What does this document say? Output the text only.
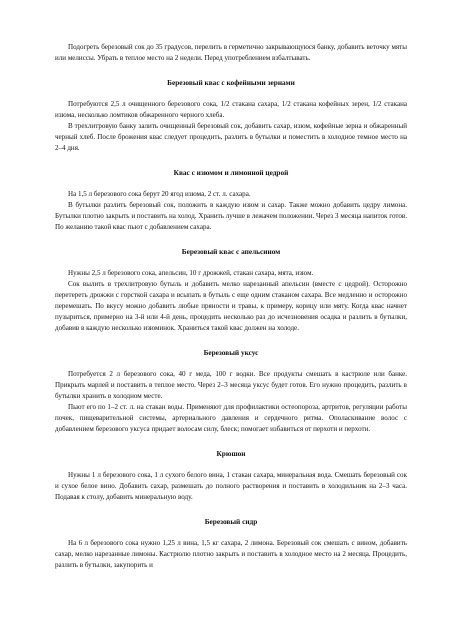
Подогреть березовый сок до 35 градусов, перелить в герметично закрывающуюся банку, добавить веточку мяты или мелиссы. Убрать в теплое место на 2 недели. Перед употреблением взбалтывать.

Березовый квас с кофейными зернами

Потребуются 2,5 л очищенного березового сока, 1/2 стакана сахара, 1/2 стакана кофейных зерен, 1/2 стакана изюма, несколько ломтиков обжаренного черного хлеба.

В трехлитровую банку залить очищенный березовый сок, добавить сахар, изюм, кофейные зерна и обжаренный черный хлеб. После брожения квас следует процедить, разлить в бутылки и поместить в холодное темное место на 2–4 дня.

Квас с изюмом и лимонной цедрой

На 1,5 л березового сока берут 20 ягод изюма, 2 ст. л. сахара.

В бутылки разлить березовый сок, положить в каждую изюм и сахар. Также можно добавить цедру лимона. Бутылки плотно закрыть и поставить на холод. Хранить лучше в лежачем положении. Через 3 месяца напиток готов. По желанию такой квас пьют с добавлением сахара.

Березовый квас с апельсином

Нужны 2,5 л березового сока, апельсин, 10 г дрожжей, стакан сахара, мята, изюм.

Сок вылить в трехлитровую бутыль и добавить мелко нарезанный апельсин (вместе с цедрой). Осторожно перетереть дрожжи с горсткой сахара и всыпать в бутыль с еще одним стаканом сахара. Все медленно и осторожно перемешать. По вкусу можно добавить любые пряности и травы, к примеру, корицу или мяту. Когда квас начнет пузыриться, примерно на 3-й или 4-й день, процедить несколько раз до исчезновения осадка и разлить в бутылки, добавив в каждую несколько изюминок. Храниться такой квас должен на холоде.

Березовый уксус

Потребуется 2 л березового сока, 40 г меда, 100 г водки. Все продукты смешать в кастрюле или банке. Прикрыть марлей и поставить в теплое место. Через 2–3 месяца уксус будет готов. Его нужно процедить, разлить в бутылки хранить в холодном месте.

Пьют его по 1–2 ст. л. на стакан воды. Применяют для профилактики остеопороза, артритов, регуляции работы почек, пищеварительной системы, артериального давления и сердечного ритма. Ополаскивание волос с добавлением березового уксуса придает волосам силу, блеск; помогает избавиться от перхоти и перхоти.

Крюшон

Нужны 1 л березового сока, 1 л сухого белого вина, 1 стакан сахара, минеральная вода. Смешать березовый сок и сухое белое вино. Добавить сахар, размешать до полного растворения и поставить в холодильник на 2–3 часа. Подавая к столу, добавить минеральную воду.

Березовый сидр

На 6 л березового сока нужно 1,25 л вина, 1,5 кг сахара, 2 лимона. Березовый сок смешать с вином, добавить сахар, мелко нарезанные лимоны. Кастрюлю плотно закрыть и поставить в холодное место на 2 месяца. Процедить, разлить в бутылки, закупорить и
